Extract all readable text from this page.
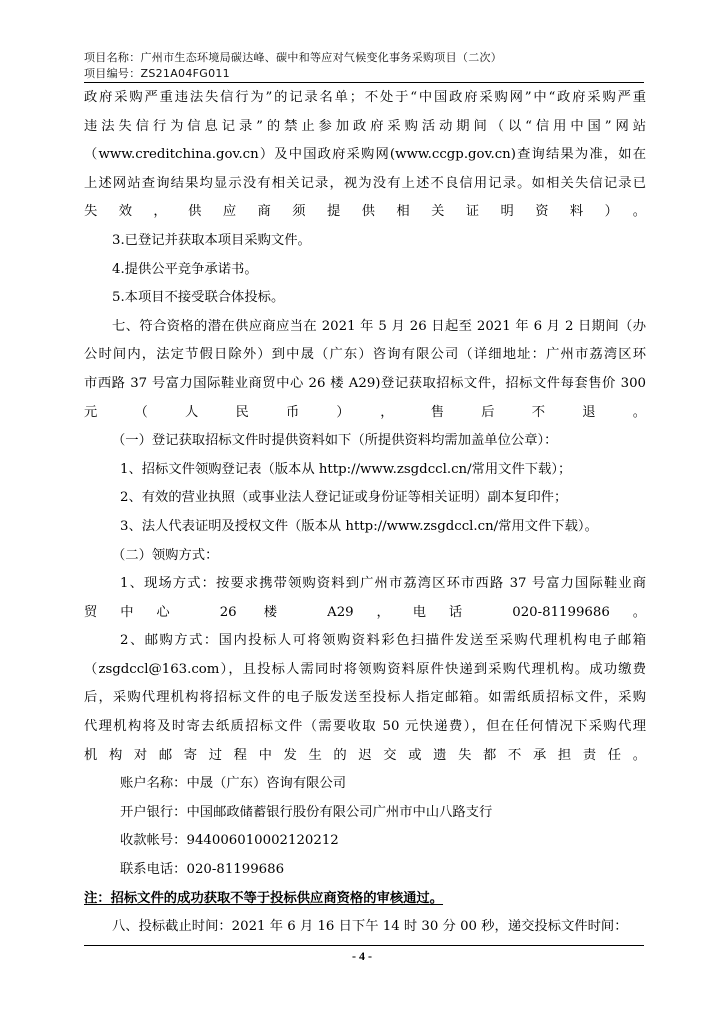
项目名称：广州市生态环境局碳达峰、碳中和等应对气候变化事务采购项目（二次）
项目编号：ZS21A04FG011

政府采购严重违法失信行为”的记录名单；不处于“中国政府采购网”中“政府采购严重
违法失信行为信息记录”的禁止参加政府采购活动期间（以“信用中国”网站
（www.creditchina.gov.cn）及中国政府采购网(www.ccgp.gov.cn)查询结果为准，如在
上述网站查询结果均显示没有相关记录，视为没有上述不良信用记录。如相关失信记录已
失效，供应商须提供相关证明资料）。

3.已登记并获取本项目采购文件。

4.提供公平竞争承诺书。

5.本项目不接受联合体投标。

七、符合资格的潜在供应商应当在 2021 年 5 月 26 日起至 2021 年 6 月 2 日期间（办
公时间内，法定节假日除外）到中晟（广东）咨询有限公司（详细地址：广州市荔湾区环
市西路 37 号富力国际鞋业商贸中心 26 楼 A29)登记获取招标文件，招标文件每套售价 300
元（人民币），售后不退。

（一）登记获取招标文件时提供资料如下（所提供资料均需加盖单位公章）：

1、招标文件领购登记表（版本从 http://www.zsgdccl.cn/常用文件下载）；

2、有效的营业执照（或事业法人登记证或身份证等相关证明）副本复印件；

3、法人代表证明及授权文件（版本从 http://www.zsgdccl.cn/常用文件下载）。

（二）领购方式：

1、现场方式：按要求携带领购资料到广州市荔湾区环市西路 37 号富力国际鞋业商
贸中心 26 楼 A29，电话 020-81199686。

2、邮购方式：国内投标人可将领购资料彩色扫描件发送至采购代理机构电子邮箱
（zsgdccl@163.com），且投标人需同时将领购资料原件快递到采购代理机构。成功缴费
后，采购代理机构将招标文件的电子版发送至投标人指定邮箱。如需纸质招标文件，采购
代理机构将及时寄去纸质招标文件（需要收取 50 元快递费），但在任何情况下采购代理
机构对邮寄过程中发生的迟交或遗失都不承担责任。

账户名称：中晟（广东）咨询有限公司

开户银行：中国邮政储蓄银行股份有限公司广州市中山八路支行

收款帐号：944006010002120212

联系电话：020-81199686

注：招标文件的成功获取不等于投标供应商资格的审核通过。

八、投标截止时间：2021 年 6 月 16 日下午 14 时 30 分 00 秒，递交投标文件时间：

- 4 -
